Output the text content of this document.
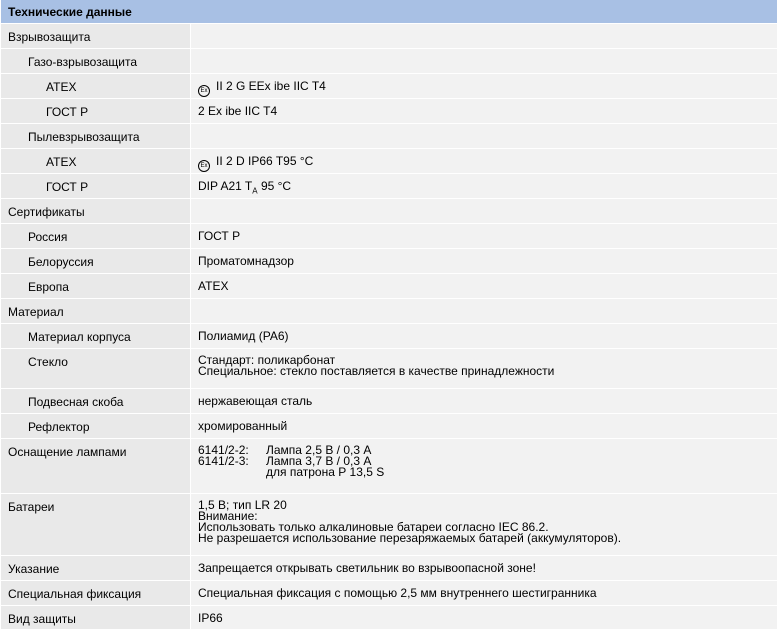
Технические данные
Взрывозащита
Газо-взрывозащита
ATEX	Ex II 2 G EEx ibe IIC T4
ГОСТ Р	2 Ex ibe IIC T4
Пылевзрывозащита
ATEX	Ex II 2 D IP66 T95 °C
ГОСТ Р	DIP A21 $T_A$ 95 °C
Сертификаты
Россия	ГОСТ Р
Белоруссия	Проматомнадзор
Европа	ATEX
Материал
Материал корпуса	Полиамид (PA6)
Стекло	Стандарт: поликарбонат
Специальное: стекло поставляется в качестве принадлежности
Подвесная скоба	нержавеющая сталь
Рефлектор	хромированный
Оснащение лампами	6141/2-2:	Лампа 2,5 В / 0,3 А
6141/2-3:	Лампа 3,7 В / 0,3 А
для патрона Р 13,5 S
Батареи	1,5 В; тип LR 20
Внимание:
Использовать только алкалиновые батареи согласно IEC 86.2.
Не разрешается использование перезаряжаемых батарей (аккумуляторов).
Указание	Запрещается открывать светильник во взрывоопасной зоне!
Специальная фиксация	Специальная фиксация с помощью 2,5 мм внутреннего шестигранника
Вид защиты	IP66
